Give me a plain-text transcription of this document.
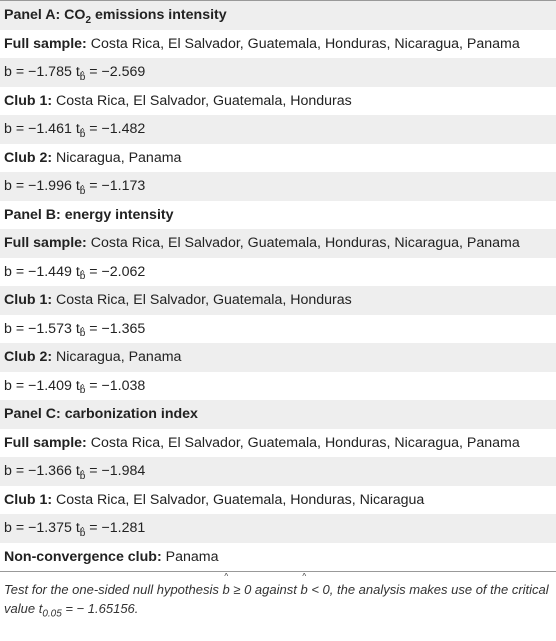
Panel A: $CO_2$ emissions intensity
Full sample: Costa Rica, El Salvador, Guatemala, Honduras, Nicaragua, Panama
^ b = −1.785 $t_b = -2.569$
Club 1: Costa Rica, El Salvador, Guatemala, Honduras
^ b = −1.461 $t_b = -1.482$
Club 2: Nicaragua, Panama
^ b = −1.996 $t_b = -1.173$
Panel B: energy intensity
Full sample: Costa Rica, El Salvador, Guatemala, Honduras, Nicaragua, Panama
^ b = −1.449 $t_b = -2.062$
Club 1: Costa Rica, El Salvador, Guatemala, Honduras
^ b = −1.573 $t_b = -1.365$
Club 2: Nicaragua, Panama
^ b = −1.409 $t_b = -1.038$
Panel C: carbonization index
Full sample: Costa Rica, El Salvador, Guatemala, Honduras, Nicaragua, Panama
^ b = −1.366 $t_b = -1.984$
Club 1: Costa Rica, El Salvador, Guatemala, Honduras, Nicaragua
^ b = −1.375 $t_b = -1.281$
Non-convergence club: Panama
Test for the one-sided null hypothesis ^ b ≥ 0 against ^ b < 0, the analysis makes use of the critical value $t_{0.05}$ = − 1.65156.
